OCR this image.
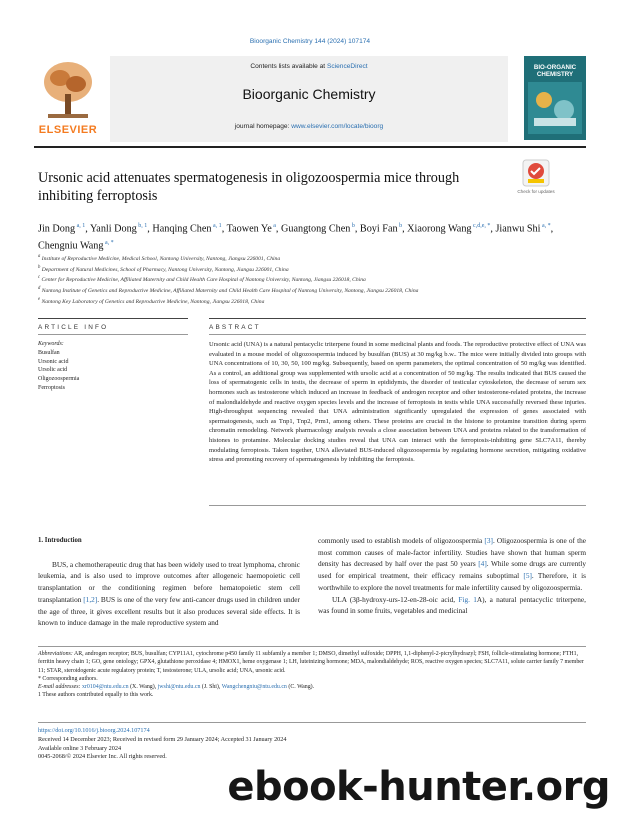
Bioorganic Chemistry 144 (2024) 107174
ELSEVIER
Contents lists available at ScienceDirect
Bioorganic Chemistry
journal homepage: www.elsevier.com/locate/bioorg
BIO-ORGANIC CHEMISTRY
Ursonic acid attenuates spermatogenesis in oligozoospermia mice through inhibiting ferroptosis	Check for updates
Jin Dong $^{a, 1}$, Yanli Dong $^{b, 1}$, Hanqing Chen $^{a, 1}$, Taowen Ye $^a$, Guangtong Chen $^b$, Boyi Fan $^b$, Xiaorong Wang $^{c,d,e, *}$, Jianwu Shi $^{a, *}$, Chengniu Wang $^{a, *}$
$^a$ Institute of Reproductive Medicine, Medical School, Nantong University, Nantong, Jiangsu 226001, China
$^b$ Department of Natural Medicines, School of Pharmacy, Nantong University, Nantong, Jiangsu 226001, China
$^c$ Center for Reproductive Medicine, Affiliated Maternity and Child Health Care Hospital of Nantong University, Nantong, Jiangsu 226018, China
$^d$ Nantong Institute of Genetics and Reproductive Medicine, Affiliated Maternity and Child Health Care Hospital of Nantong University, Nantong, Jiangsu 226018, China
$^e$ Nantong Key Laboratory of Genetics and Reproductive Medicine, Nantong, Jiangsu 226018, China
ARTICLE INFO	ABSTRACT
Keywords:
Busulfan
Ursonic acid
Ursolic acid
Oligozoospermia
Ferroptosis
Ursonic acid (UNA) is a natural pentacyclic triterpene found in some medicinal plants and foods. The reproductive protective effect of UNA was evaluated in a mouse model of oligozoospermia induced by busulfan (BUS) at 30 mg/kg b.w.. The mice were initially divided into groups with UNA concentrations of 10, 30, 50, 100 mg/kg. Subsequently, based on sperm parameters, the optimal concentration of 50 mg/kg was identified. As a control, an additional group was supplemented with ursolic acid at a concentration of 50 mg/kg. The results indicated that BUS caused the loss of spermatogenic cells in testis, the decrease of sperm in epididymis, the disorder of testicular cytoskeleton, the decrease of serum sex hormones such as testosterone which induced an increase in feedback of androgen receptor and other testosterone-related proteins, the increase of malondialdehyde and reactive oxygen species levels and the increase of ferroptosis in testis while UNA successfully reversed these injuries. High-throughput sequencing revealed that UNA administration significantly upregulated the expression of genes associated with spermatogenesis, such as Tnp1, Tnp2, Prm1, among others. These proteins are crucial in the histone to protamine transition during sperm chromatin remodeling. Network pharmacology analysis reveals a close association between UNA and proteins related to the transformation of histones to protamine. Molecular docking studies reveal that UNA can interact with the ferroptosis-inhibiting gene SLC7A11, thereby modulating ferroptosis. Taken together, UNA alleviated BUS-induced oligozoospermia by regulating hormone secretion, mitigating oxidative stress and promoting recovery of spermatogenesis by inhibiting the ferroptosis.
1. Introduction

BUS, a chemotherapeutic drug that has been widely used to treat lymphoma, chronic leukemia, and is also used to improve outcomes after allogeneic haemopoietic cell transplantation or the conditioning regimen before hematopoietic stem cell transplantation [1,2]. BUS is one of the very few anti-cancer drugs used in children under the age of three, it gives excellent results but it also produces several side effects. It is known to induce damage in the male reproductive system and

commonly used to establish models of oligozoospermia [3]. Oligozoospermia is one of the most common causes of male-factor infertility. Studies have shown that human sperm density has decreased by half over the past 50 years [4]. While some drugs are currently used for empirical treatment, their efficacy remains suboptimal [5]. Therefore, it is worthwhile to explore the novel treatments for male infertility caused by oligozoospermia.

ULA (3β-hydroxy-urs-12-en-28-oic acid, Fig. 1A), a natural pentacyclic triterpene, was found in some fruits, vegetables and medicinal

Abbreviations: AR, androgen receptor; BUS, busulfan; CYP11A1, cytochrome p450 family 11 subfamily a member 1; DMSO, dimethyl sulfoxide; DPPH, 1,1-diphenyl-2-picrylhydrazyl; FSH, follicle-stimulating hormone; FTH1, ferritin heavy chain 1; GO, gene ontology; GPX4, glutathione peroxidase 4; HMOX1, heme oxygenase 1; LH, luteinizing hormone; MDA, malondialdehyde; ROS, reactive oxygen species; SLC7A11, solute carrier family 7 member 11; STAR, steroidogenic acute regulatory protein; T, testosterone; ULA, ursolic acid; UNA, ursonic acid.

* Corresponding authors.

E-mail addresses: xr0104@ntu.edu.cn (X. Wang), jwshi@ntu.edu.cn (J. Shi), Wangchengniu@ntu.edu.cn (C. Wang).

1 These authors contributed equally to this work.

https://doi.org/10.1016/j.bioorg.2024.107174
Received 14 December 2023; Received in revised form 29 January 2024; Accepted 31 January 2024
Available online 3 February 2024
0045-2068/© 2024 Elsevier Inc. All rights reserved.
ebook-hunter.org
